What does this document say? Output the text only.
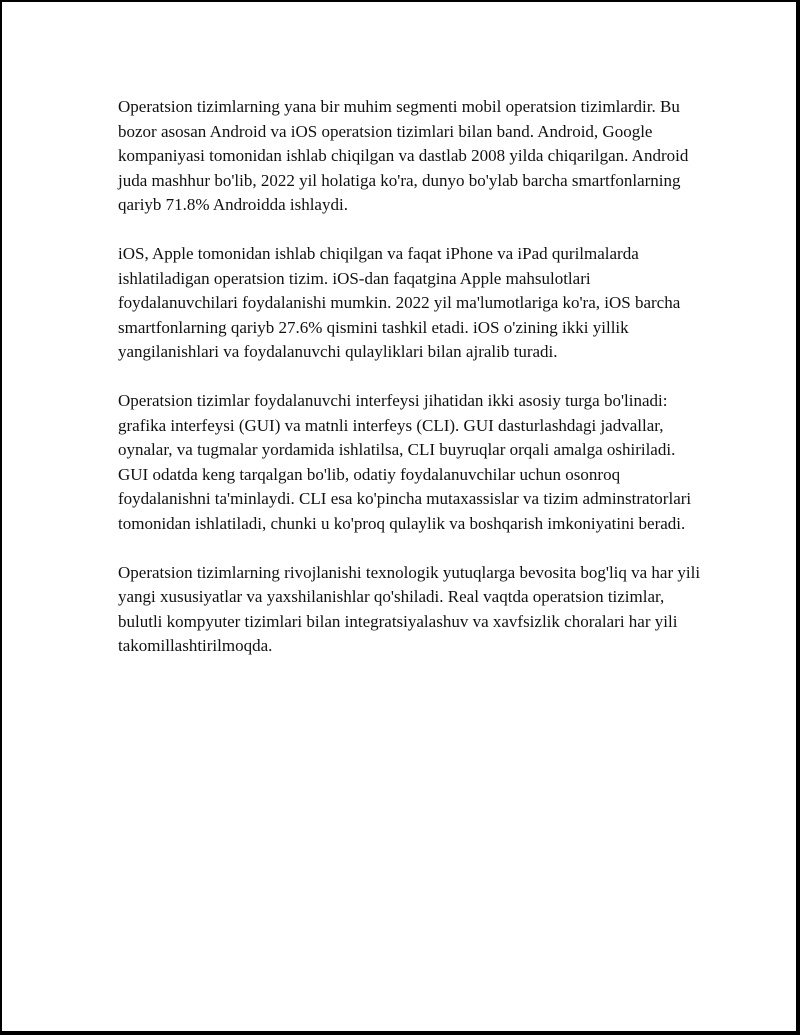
Operatsion tizimlarning yana bir muhim segmenti mobil operatsion tizimlardir. Bu bozor asosan Android va iOS operatsion tizimlari bilan band. Android, Google kompaniyasi tomonidan ishlab chiqilgan va dastlab 2008 yilda chiqarilgan. Android juda mashhur bo'lib, 2022 yil holatiga ko'ra, dunyo bo'ylab barcha smartfonlarning qariyb 71.8% Androidda ishlaydi.

iOS, Apple tomonidan ishlab chiqilgan va faqat iPhone va iPad qurilmalarda ishlatiladigan operatsion tizim. iOS-dan faqatgina Apple mahsulotlari foydalanuvchilari foydalanishi mumkin. 2022 yil ma'lumotlariga ko'ra, iOS barcha smartfonlarning qariyb 27.6% qismini tashkil etadi. iOS o'zining ikki yillik yangilanishlari va foydalanuvchi qulayliklari bilan ajralib turadi.

Operatsion tizimlar foydalanuvchi interfeysi jihatidan ikki asosiy turga bo'linadi: grafika interfeysi (GUI) va matnli interfeys (CLI). GUI dasturlashdagi jadvallar, oynalar, va tugmalar yordamida ishlatilsa, CLI buyruqlar orqali amalga oshiriladi. GUI odatda keng tarqalgan bo'lib, odatiy foydalanuvchilar uchun osonroq foydalanishni ta'minlaydi. CLI esa ko'pincha mutaxassislar va tizim adminstratorlari tomonidan ishlatiladi, chunki u ko'proq qulaylik va boshqarish imkoniyatini beradi.

Operatsion tizimlarning rivojlanishi texnologik yutuqlarga bevosita bog'liq va har yili yangi xususiyatlar va yaxshilanishlar qo'shiladi. Real vaqtda operatsion tizimlar, bulutli kompyuter tizimlari bilan integratsiyalashuv va xavfsizlik choralari har yili takomillashtirilmoqda.
